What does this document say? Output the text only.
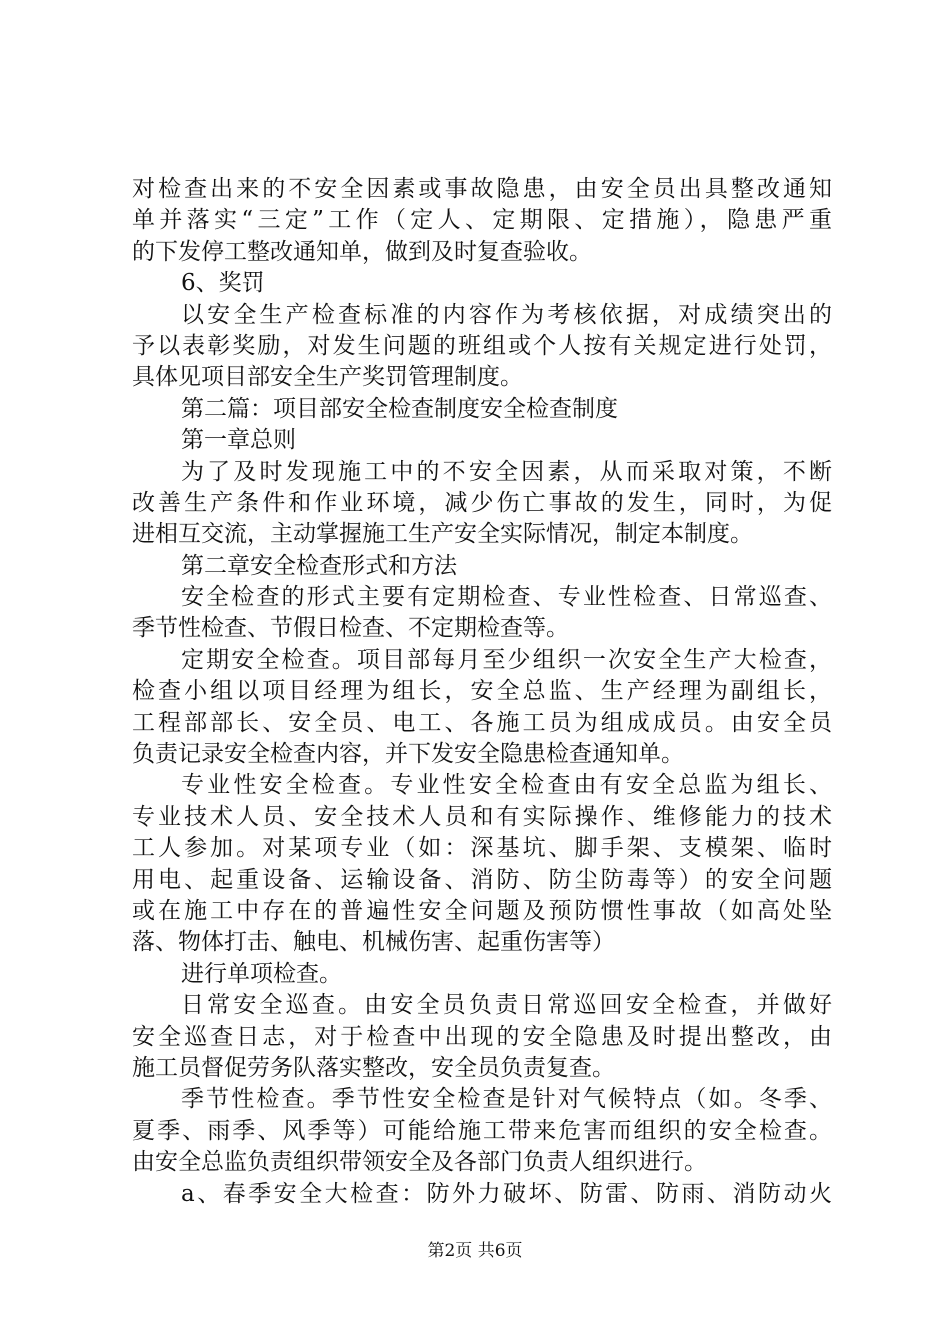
对检查出来的不安全因素或事故隐患，由安全员出具整改通知
单并落实“三定”工作（定人、定期限、定措施），隐患严重
的下发停工整改通知单，做到及时复查验收。
6、奖罚
以安全生产检查标准的内容作为考核依据，对成绩突出的
予以表彰奖励，对发生问题的班组或个人按有关规定进行处罚，
具体见项目部安全生产奖罚管理制度。
第二篇：项目部安全检查制度安全检查制度
第一章总则
为了及时发现施工中的不安全因素，从而采取对策，不断
改善生产条件和作业环境，减少伤亡事故的发生，同时，为促
进相互交流，主动掌握施工生产安全实际情况，制定本制度。
第二章安全检查形式和方法
安全检查的形式主要有定期检查、专业性检查、日常巡查、
季节性检查、节假日检查、不定期检查等。
定期安全检查。项目部每月至少组织一次安全生产大检查，
检查小组以项目经理为组长，安全总监、生产经理为副组长，
工程部部长、安全员、电工、各施工员为组成成员。由安全员
负责记录安全检查内容，并下发安全隐患检查通知单。
专业性安全检查。专业性安全检查由有安全总监为组长、
专业技术人员、安全技术人员和有实际操作、维修能力的技术
工人参加。对某项专业（如：深基坑、脚手架、支模架、临时
用电、起重设备、运输设备、消防、防尘防毒等）的安全问题
或在施工中存在的普遍性安全问题及预防惯性事故（如高处坠
落、物体打击、触电、机械伤害、起重伤害等）
进行单项检查。
日常安全巡查。由安全员负责日常巡回安全检查，并做好
安全巡查日志，对于检查中出现的安全隐患及时提出整改，由
施工员督促劳务队落实整改，安全员负责复查。
季节性检查。季节性安全检查是针对气候特点（如。冬季、
夏季、雨季、风季等）可能给施工带来危害而组织的安全检查。
由安全总监负责组织带领安全及各部门负责人组织进行。
a、春季安全大检查：防外力破坏、防雷、防雨、消防动火
第2页 共6页
